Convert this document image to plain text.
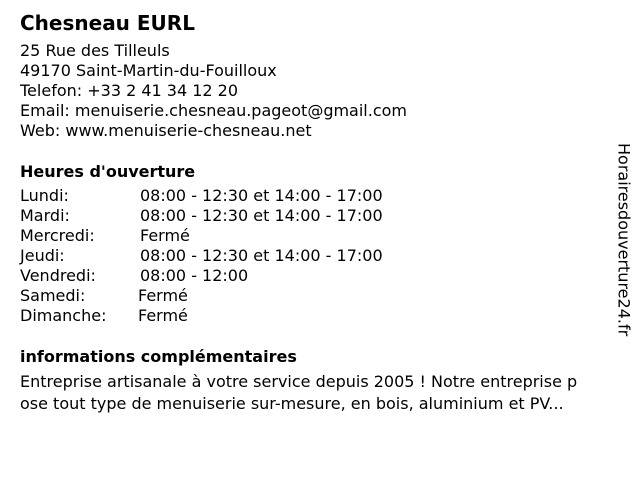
Chesneau EURL
25 Rue des Tilleuls
49170 Saint-Martin-du-Fouilloux
Telefon: +33 2 41 34 12 20
Email: menuiserie.chesneau.pageot@gmail.com
Web: www.menuiserie-chesneau.net
Heures d'ouverture
Lundi:	08:00 - 12:30 et 14:00 - 17:00
Mardi:	08:00 - 12:30 et 14:00 - 17:00
Mercredi:	Fermé
Jeudi:	08:00 - 12:30 et 14:00 - 17:00
Vendredi:	08:00 - 12:00
Samedi:	Fermé
Dimanche: Fermé
informations complémentaires
Entreprise artisanale à votre service depuis 2005 ! Notre entreprise p
ose tout type de menuiserie sur-mesure, en bois, aluminium et PV...
Horairesdouverture24.fr
